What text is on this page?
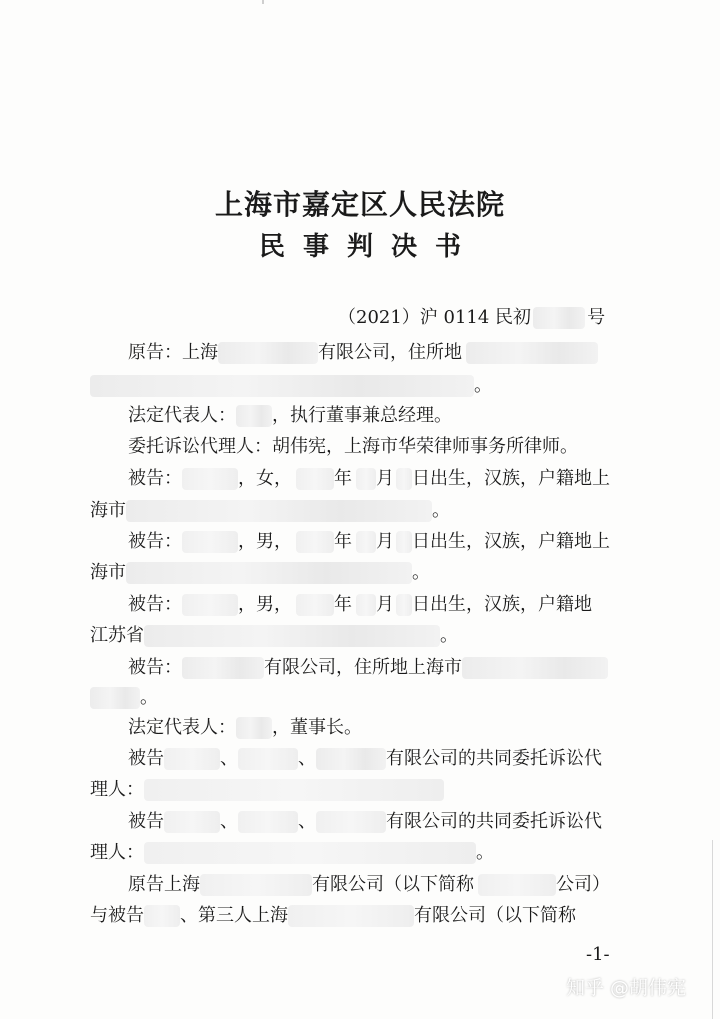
上海市嘉定区人民法院
民事判决书
（2021）沪 0114 民初	号
原告：上海	有限公司，住所地
。
法定代表人： ，执行董事兼总经理。
委托诉讼代理人：胡伟宪，上海市华荣律师事务所律师。
被告：	，女， 年 月 日出生，汉族，户籍地上
海市	。
被告：	，男， 年 月 日出生，汉族，户籍地上
海市	。
被告：	，男， 年 月 日出生，汉族，户籍地
江苏省	。
被告：	有限公司，住所地上海市
。
法定代表人： ，董事长。
被告	、	、	有限公司的共同委托诉讼代
理人：
被告	、	、	有限公司的共同委托诉讼代
理人：	。
原告上海	有限公司（以下简称	公司）
与被告 、第三人上海	有限公司（以下简称
-1-
知乎 @胡伟宪
